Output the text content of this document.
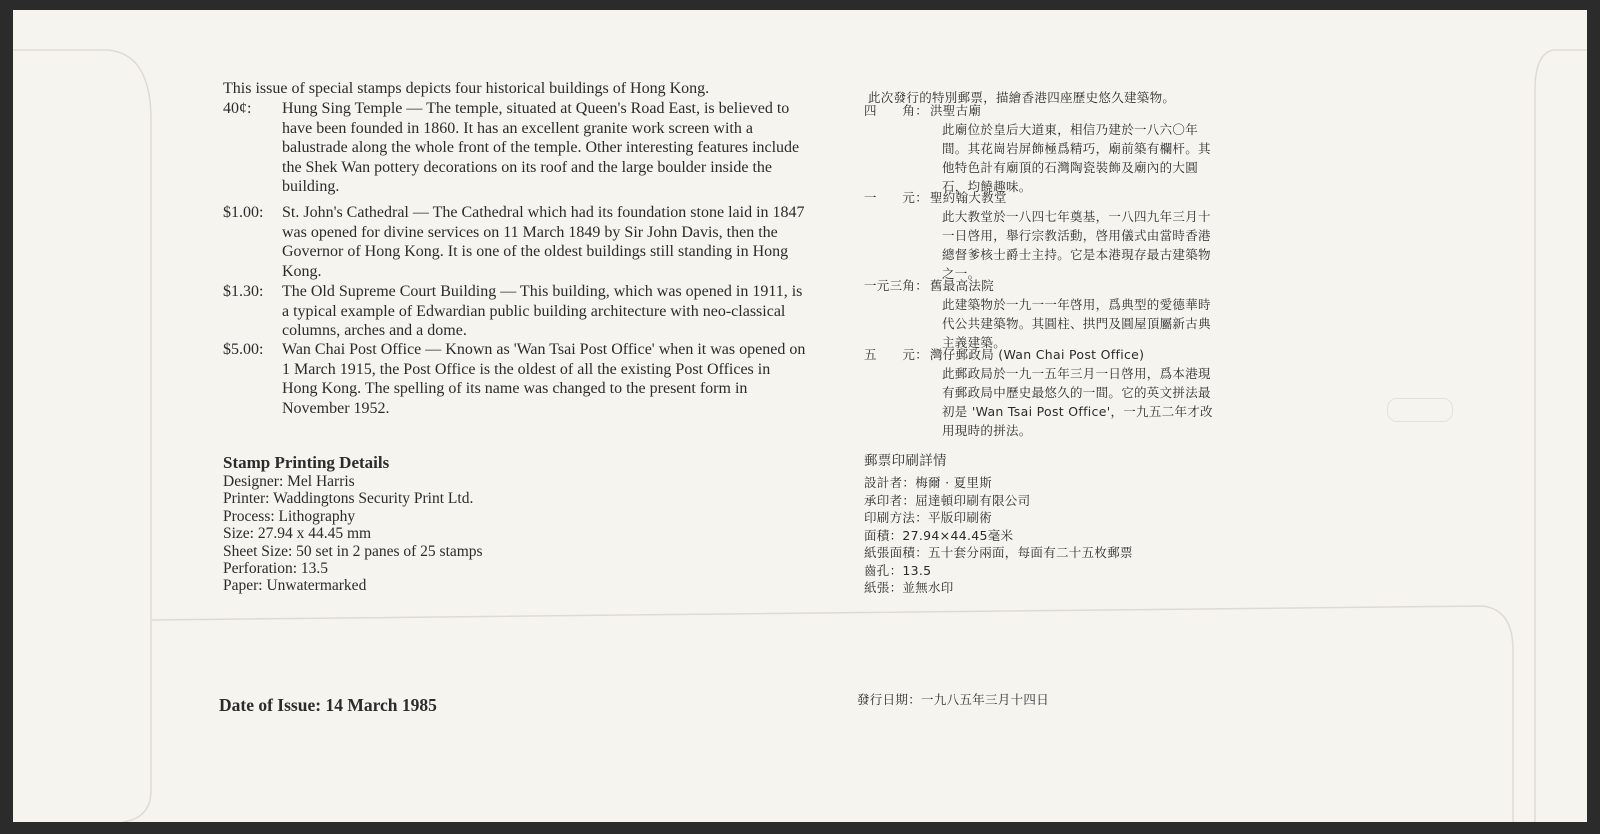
This issue of special stamps depicts four historical buildings of Hong Kong.
40¢:	Hung Sing Temple — The temple, situated at Queen's Road East, is believed to have been founded in 1860. It has an excellent granite work screen with a balustrade along the whole front of the temple. Other interesting features include the Shek Wan pottery decorations on its roof and the large boulder inside the building.
$1.00:	St. John's Cathedral — The Cathedral which had its foundation stone laid in 1847 was opened for divine services on 11 March 1849 by Sir John Davis, then the Governor of Hong Kong. It is one of the oldest buildings still standing in Hong Kong.
$1.30:	The Old Supreme Court Building — This building, which was opened in 1911, is a typical example of Edwardian public building architecture with neo-classical columns, arches and a dome.
$5.00:	Wan Chai Post Office — Known as 'Wan Tsai Post Office' when it was opened on 1 March 1915, the Post Office is the oldest of all the existing Post Offices in Hong Kong. The spelling of its name was changed to the present form in November 1952.
Stamp Printing Details
Designer: Mel Harris
Printer: Waddingtons Security Print Ltd.
Process: Lithography
Size: 27.94 x 44.45 mm
Sheet Size: 50 set in 2 panes of 25 stamps
Perforation: 13.5
Paper: Unwatermarked
Date of Issue: 14 March 1985
此次發行的特別郵票，描繪香港四座歷史悠久建築物。
四　　角： 洪聖古廟
此廟位於皇后大道東，相信乃建於一八六〇年間。其花崗岩屏飾極爲精巧，廟前築有欄杆。其他特色計有廟頂的石灣陶瓷裝飾及廟內的大圓石，均饒趣味。
一　　元： 聖約翰大教堂
此大教堂於一八四七年奠基，一八四九年三月十一日啓用，舉行宗教活動，啓用儀式由當時香港總督爹核士爵士主持。它是本港現存最古建築物之一。
一元三角： 舊最高法院
此建築物於一九一一年啓用，爲典型的愛德華時代公共建築物。其圓柱、拱門及圓屋頂屬新古典主義建築。
五　　元： 灣仔郵政局 (Wan Chai Post Office)
此郵政局於一九一五年三月一日啓用，爲本港現有郵政局中歷史最悠久的一間。它的英文拼法最初是 'Wan Tsai Post Office'，一九五二年才改用現時的拼法。
郵票印刷詳情
設計者：梅爾 · 夏里斯
承印者：屈達頓印刷有限公司
印刷方法：平版印刷術
面積：27.94×44.45毫米
紙張面積：五十套分兩面，每面有二十五枚郵票
齒孔：13.5
紙張：並無水印
發行日期：一九八五年三月十四日
